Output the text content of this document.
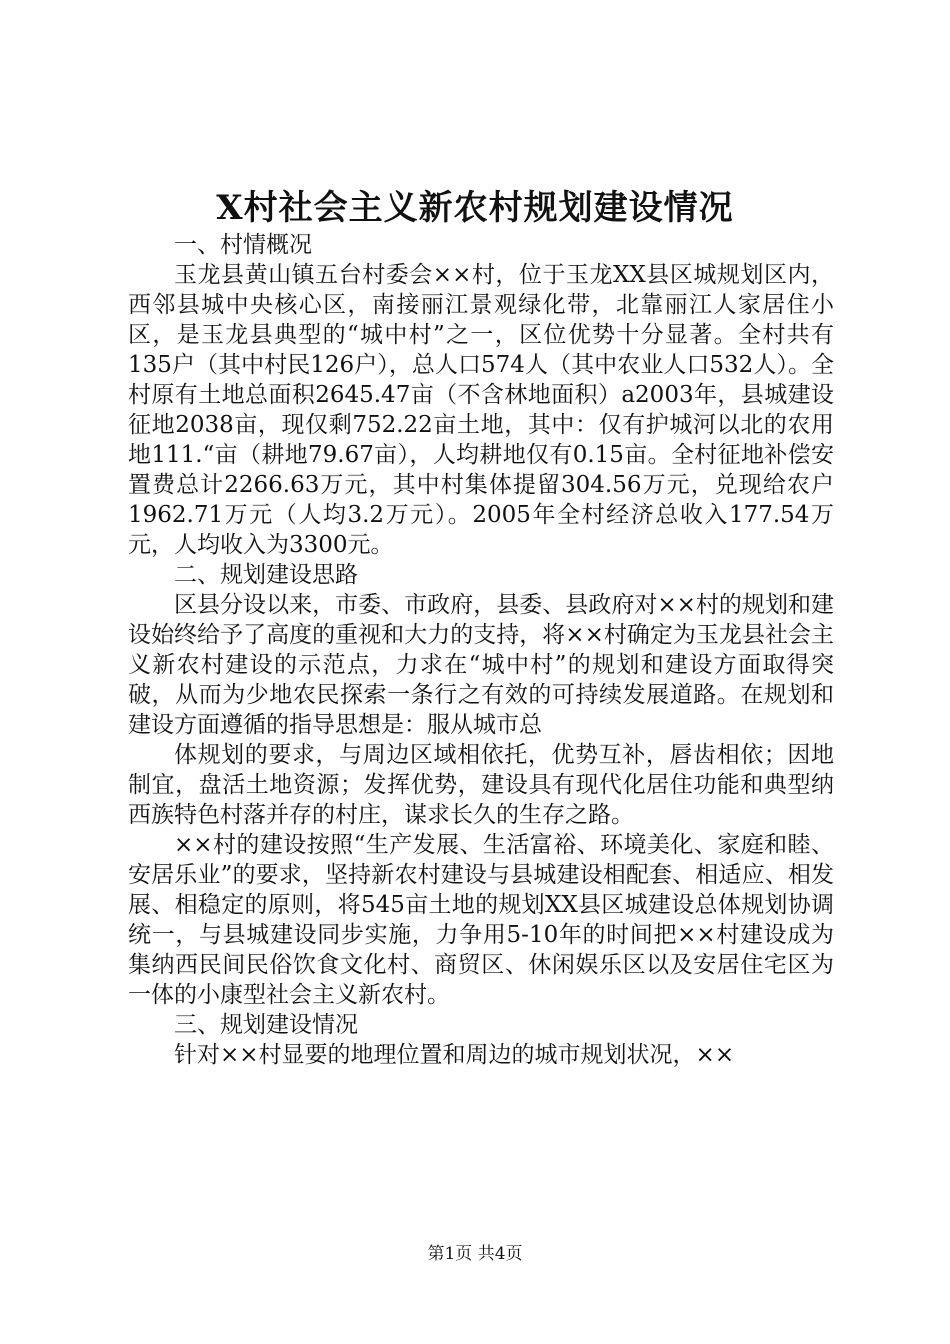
X村社会主义新农村规划建设情况

一、村情概况

玉龙县黄山镇五台村委会××村，位于玉龙XX县区城规划区内，西邻县城中央核心区，南接丽江景观绿化带，北靠丽江人家居住小区，是玉龙县典型的“城中村”之一，区位优势十分显著。全村共有135户（其中村民126户），总人口574人（其中农业人口532人）。全村原有土地总面积2645.47亩（不含林地面积）a2003年，县城建设征地2038亩，现仅剩752.22亩土地，其中：仅有护城河以北的农用地111.“亩（耕地79.67亩），人均耕地仅有0.15亩。全村征地补偿安置费总计2266.63万元，其中村集体提留304.56万元，兑现给农户1962.71万元（人均3.2万元）。2005年全村经济总收入177.54万元，人均收入为3300元。

二、规划建设思路

区县分设以来，市委、市政府，县委、县政府对××村的规划和建设始终给予了高度的重视和大力的支持，将××村确定为玉龙县社会主义新农村建设的示范点，力求在“城中村”的规划和建设方面取得突破，从而为少地农民探索一条行之有效的可持续发展道路。在规划和建设方面遵循的指导思想是：服从城市总

体规划的要求，与周边区域相依托，优势互补，唇齿相依；因地制宜，盘活土地资源；发挥优势，建设具有现代化居住功能和典型纳西族特色村落并存的村庄，谋求长久的生存之路。

××村的建设按照“生产发展、生活富裕、环境美化、家庭和睦、安居乐业”的要求，坚持新农村建设与县城建设相配套、相适应、相发展、相稳定的原则，将545亩土地的规划XX县区城建设总体规划协调统一，与县城建设同步实施，力争用5-10年的时间把××村建设成为集纳西民间民俗饮食文化村、商贸区、休闲娱乐区以及安居住宅区为一体的小康型社会主义新农村。

三、规划建设情况

针对××村显要的地理位置和周边的城市规划状况，××

第1页 共4页
